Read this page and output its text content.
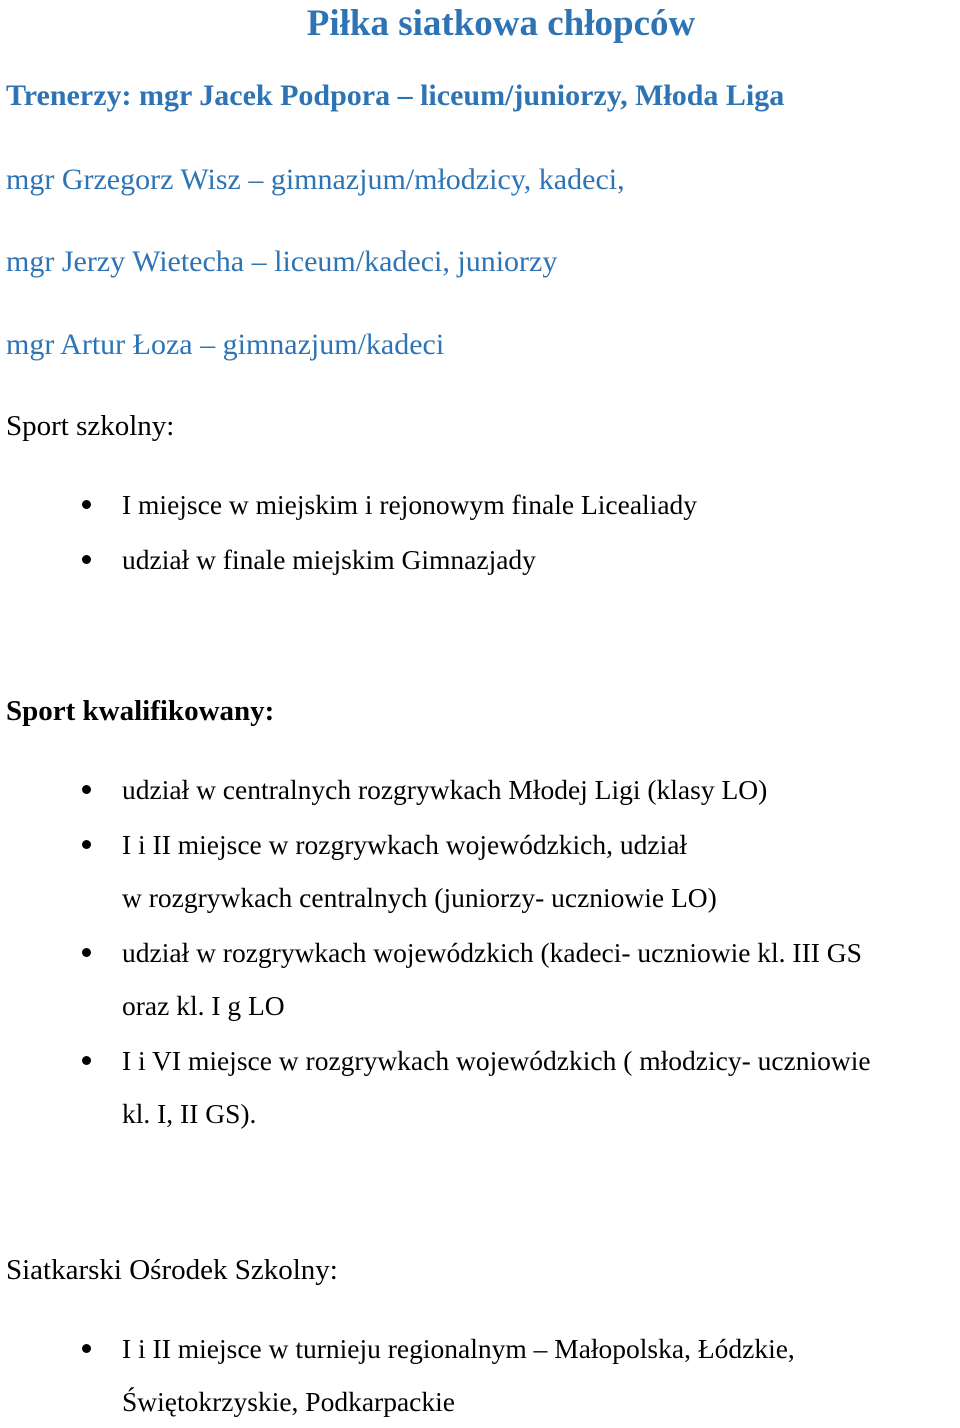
Piłka siatkowa chłopców

Trenerzy: mgr Jacek Podpora – liceum/juniorzy, Młoda Liga

mgr Grzegorz Wisz – gimnazjum/młodzicy, kadeci,

mgr Jerzy Wietecha – liceum/kadeci, juniorzy

mgr Artur Łoza – gimnazjum/kadeci

Sport szkolny:

I miejsce w miejskim i rejonowym finale Licealiady
udział w finale miejskim Gimnazjady

Sport kwalifikowany:

udział w centralnych rozgrywkach Młodej Ligi (klasy LO)
I i II miejsce w rozgrywkach wojewódzkich, udział
w rozgrywkach centralnych (juniorzy- uczniowie LO)
udział w rozgrywkach wojewódzkich (kadeci- uczniowie kl. III GS
oraz kl. I g LO
I i VI miejsce w rozgrywkach wojewódzkich ( młodzicy- uczniowie
kl. I, II GS).

Siatkarski Ośrodek Szkolny:

I i II miejsce w turnieju regionalnym – Małopolska, Łódzkie,
Świętokrzyskie, Podkarpackie
